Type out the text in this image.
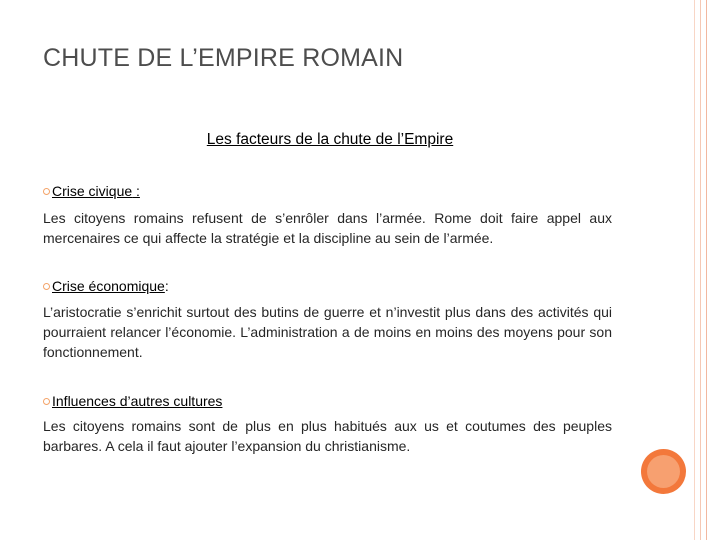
CHUTE DE L’EMPIRE ROMAIN
Les facteurs de la chute de l’Empire
Crise civique :
Les citoyens romains refusent de s’enrôler dans l’armée. Rome doit faire appel aux mercenaires ce qui affecte la stratégie et la discipline au sein de l’armée.
Crise économique :
L’aristocratie s’enrichit surtout des butins de guerre et n’investit plus dans des activités qui pourraient relancer l’économie. L’administration a de moins en moins des moyens pour son fonctionnement.
Influences d’autres cultures
Les citoyens romains sont de plus en plus habitués aux us et coutumes des peuples barbares. A cela il faut ajouter l’expansion du christianisme.
